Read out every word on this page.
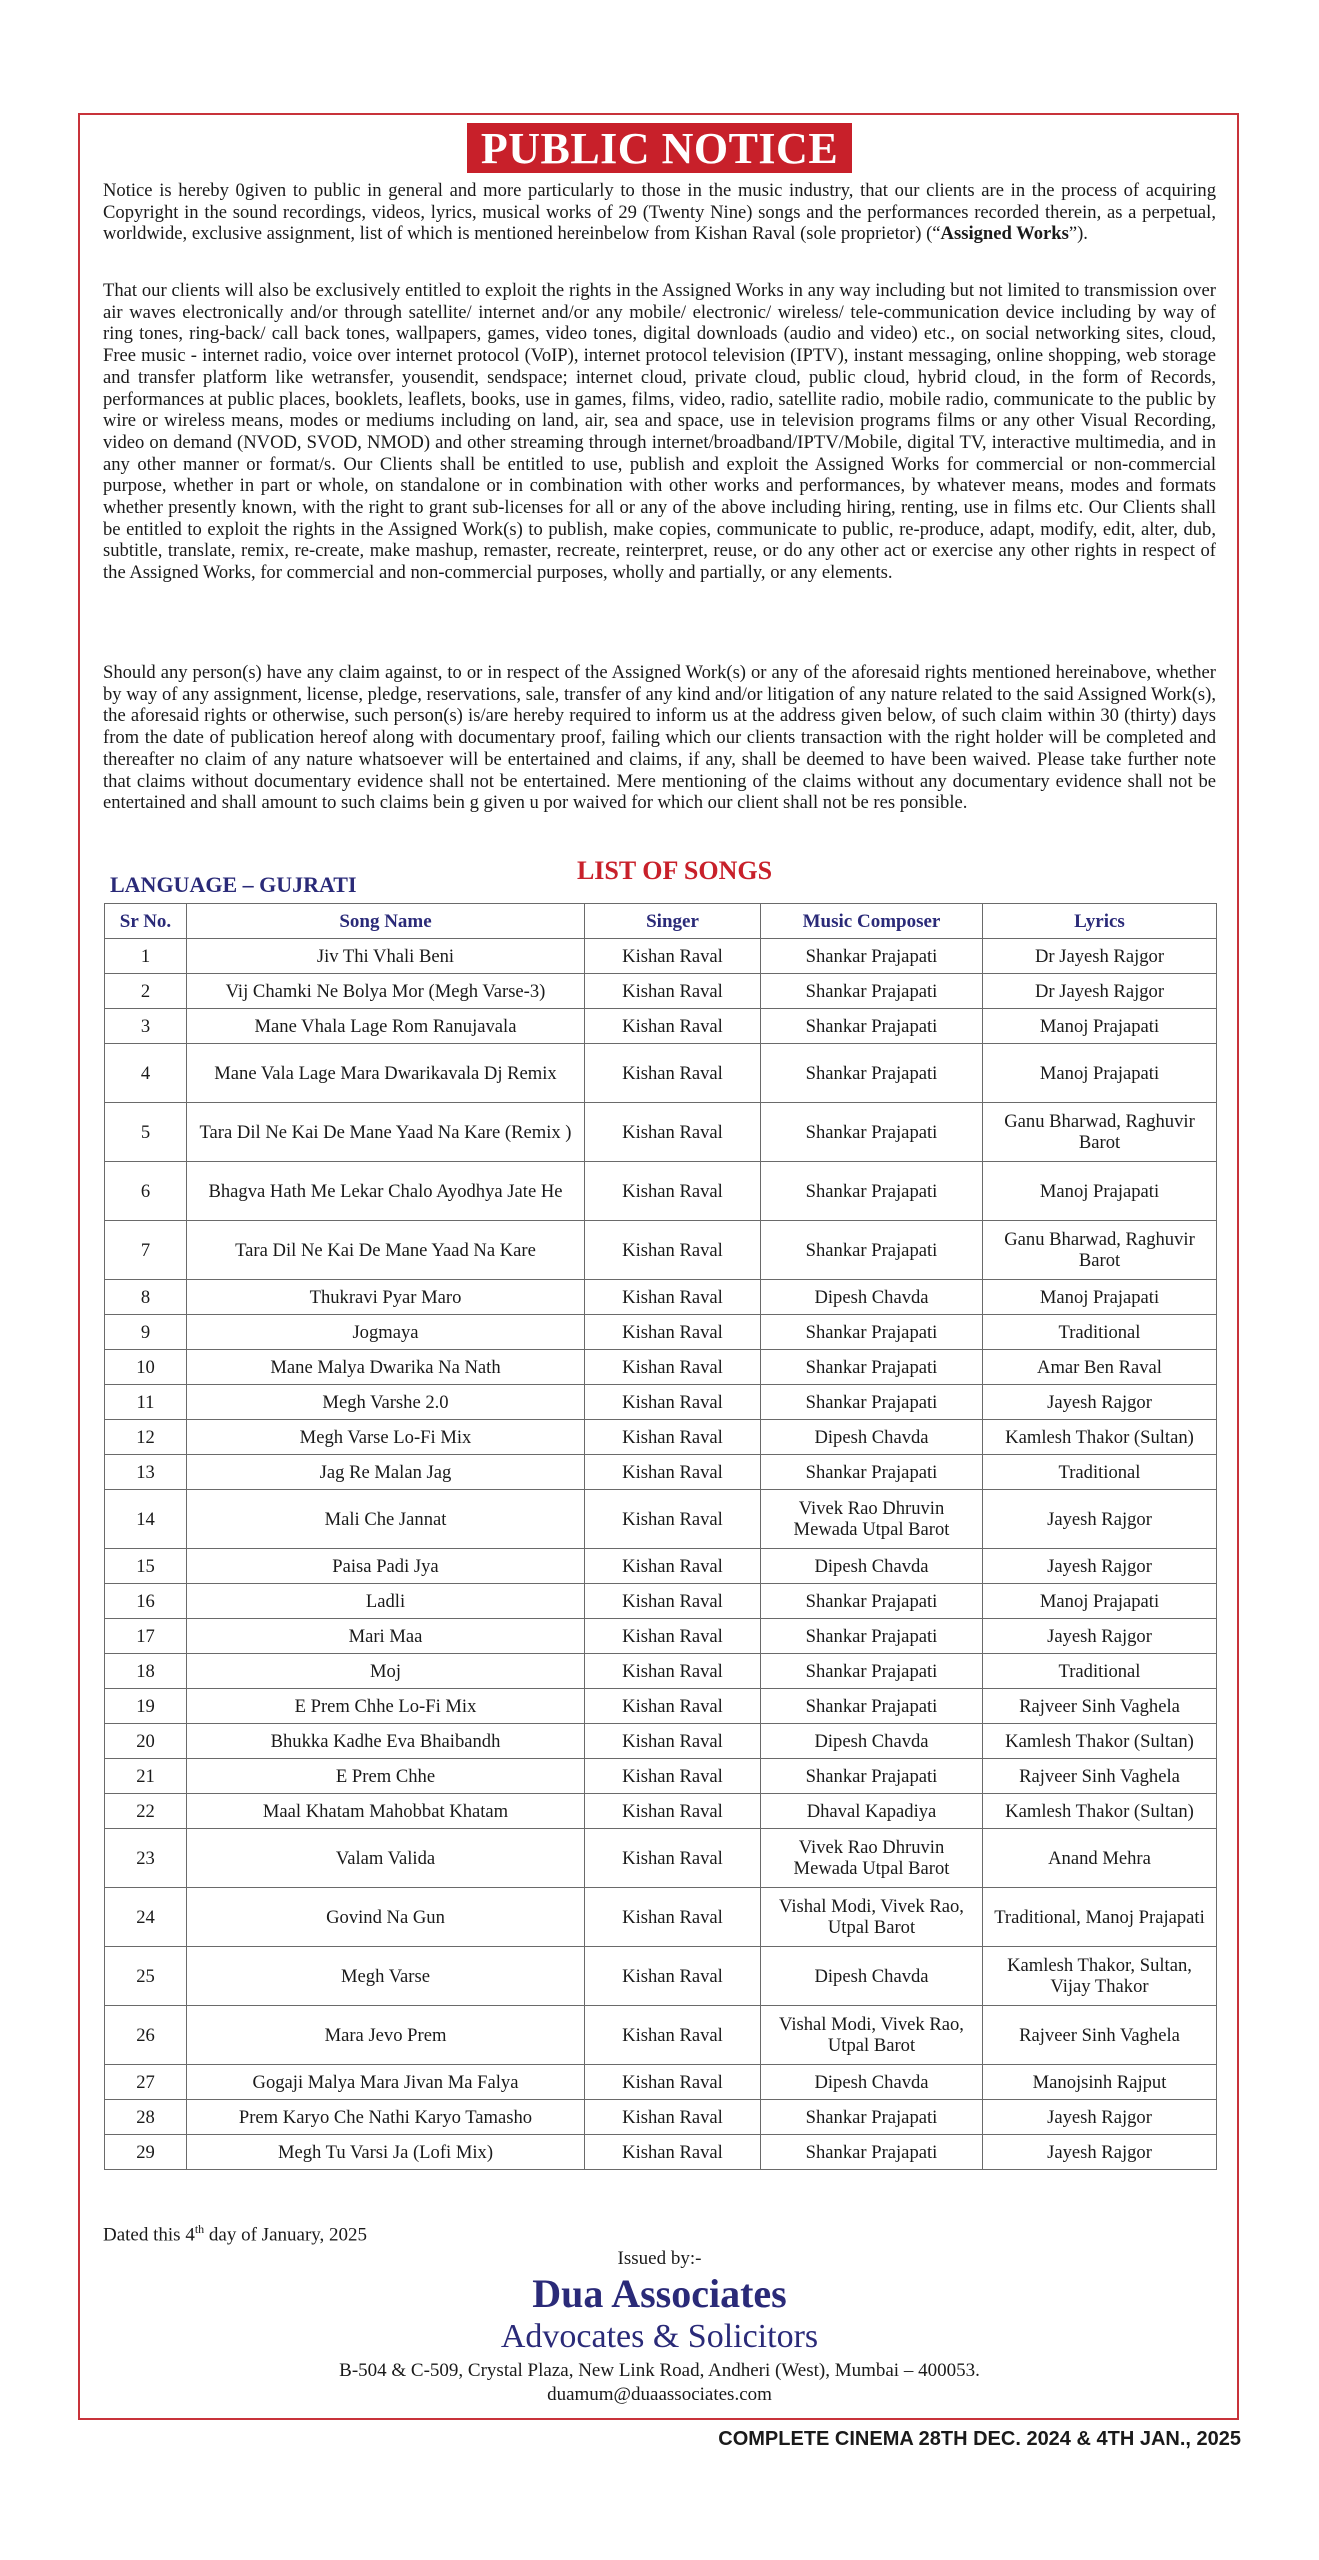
PUBLIC NOTICE

Notice is hereby 0given to public in general and more particularly to those in the music industry, that our clients are in the process of acquiring Copyright in the sound recordings, videos, lyrics, musical works of 29 (Twenty Nine) songs and the performances recorded therein, as a perpetual, worldwide, exclusive assignment, list of which is mentioned hereinbelow from Kishan Raval (sole proprietor) (“Assigned Works”).

That our clients will also be exclusively entitled to exploit the rights in the Assigned Works in any way including but not limited to transmission over air waves electronically and/or through satellite/ internet and/or any mobile/ electronic/ wireless/ tele-communication device including by way of ring tones, ring-back/ call back tones, wallpapers, games, video tones, digital downloads (audio and video) etc., on social networking sites, cloud, Free music - internet radio, voice over internet protocol (VoIP), internet protocol television (IPTV), instant messaging, online shopping, web storage and transfer platform like wetransfer, yousendit, sendspace; internet cloud, private cloud, public cloud, hybrid cloud, in the form of Records, performances at public places, booklets, leaflets, books, use in games, films, video, radio, satellite radio, mobile radio, communicate to the public by wire or wireless means, modes or mediums including on land, air, sea and space, use in television programs films or any other Visual Recording, video on demand (NVOD, SVOD, NMOD) and other streaming through internet/broadband/IPTV/Mobile, digital TV, interactive multimedia, and in any other manner or format/s. Our Clients shall be entitled to use, publish and exploit the Assigned Works for commercial or non-commercial purpose, whether in part or whole, on standalone or in combination with other works and performances, by whatever means, modes and formats whether presently known, with the right to grant sub-licenses for all or any of the above including hiring, renting, use in films etc. Our Clients shall be entitled to exploit the rights in the Assigned Work(s) to publish, make copies, communicate to public, re-produce, adapt, modify, edit, alter, dub, subtitle, translate, remix, re-create, make mashup, remaster, recreate, reinterpret, reuse, or do any other act or exercise any other rights in respect of the Assigned Works, for commercial and non-commercial purposes, wholly and partially, or any elements.

Should any person(s) have any claim against, to or in respect of the Assigned Work(s) or any of the aforesaid rights mentioned hereinabove, whether by way of any assignment, license, pledge, reservations, sale, transfer of any kind and/or litigation of any nature related to the said Assigned Work(s), the aforesaid rights or otherwise, such person(s) is/are hereby required to inform us at the address given below, of such claim within 30 (thirty) days from the date of publication hereof along with documentary proof, failing which our clients transaction with the right holder will be completed and thereafter no claim of any nature whatsoever will be entertained and claims, if any, shall be deemed to have been waived. Please take further note that claims without documentary evidence shall not be entertained. Mere mentioning of the claims without any documentary evidence shall not be entertained and shall amount to such claims bein g given u por waived for which our client shall not be res ponsible.

LANGUAGE – GUJRATI	LIST OF SONGS
Sr No.	Song Name	Singer	Music Composer	Lyrics
1	Jiv Thi Vhali Beni	Kishan Raval	Shankar Prajapati	Dr Jayesh Rajgor
2	Vij Chamki Ne Bolya Mor (Megh Varse-3)	Kishan Raval	Shankar Prajapati	Dr Jayesh Rajgor
3	Mane Vhala Lage Rom Ranujavala	Kishan Raval	Shankar Prajapati	Manoj Prajapati
4	Mane Vala Lage Mara Dwarikavala Dj Remix	Kishan Raval	Shankar Prajapati	Manoj Prajapati
5	Tara Dil Ne Kai De Mane Yaad Na Kare (Remix )	Kishan Raval	Shankar Prajapati	Ganu Bharwad, Raghuvir Barot
6	Bhagva Hath Me Lekar Chalo Ayodhya Jate He	Kishan Raval	Shankar Prajapati	Manoj Prajapati
7	Tara Dil Ne Kai De Mane Yaad Na Kare	Kishan Raval	Shankar Prajapati	Ganu Bharwad, Raghuvir Barot
8	Thukravi Pyar Maro	Kishan Raval	Dipesh Chavda	Manoj Prajapati
9	Jogmaya	Kishan Raval	Shankar Prajapati	Traditional
10	Mane Malya Dwarika Na Nath	Kishan Raval	Shankar Prajapati	Amar Ben Raval
11	Megh Varshe 2.0	Kishan Raval	Shankar Prajapati	Jayesh Rajgor
12	Megh Varse Lo-Fi Mix	Kishan Raval	Dipesh Chavda	Kamlesh Thakor (Sultan)
13	Jag Re Malan Jag	Kishan Raval	Shankar Prajapati	Traditional
14	Mali Che Jannat	Kishan Raval	Vivek Rao Dhruvin Mewada Utpal Barot	Jayesh Rajgor
15	Paisa Padi Jya	Kishan Raval	Dipesh Chavda	Jayesh Rajgor
16	Ladli	Kishan Raval	Shankar Prajapati	Manoj Prajapati
17	Mari Maa	Kishan Raval	Shankar Prajapati	Jayesh Rajgor
18	Moj	Kishan Raval	Shankar Prajapati	Traditional
19	E Prem Chhe Lo-Fi Mix	Kishan Raval	Shankar Prajapati	Rajveer Sinh Vaghela
20	Bhukka Kadhe Eva Bhaibandh	Kishan Raval	Dipesh Chavda	Kamlesh Thakor (Sultan)
21	E Prem Chhe	Kishan Raval	Shankar Prajapati	Rajveer Sinh Vaghela
22	Maal Khatam Mahobbat Khatam	Kishan Raval	Dhaval Kapadiya	Kamlesh Thakor (Sultan)
23	Valam Valida	Kishan Raval	Vivek Rao Dhruvin Mewada Utpal Barot	Anand Mehra
24	Govind Na Gun	Kishan Raval	Vishal Modi, Vivek Rao, Utpal Barot	Traditional, Manoj Prajapati
25	Megh Varse	Kishan Raval	Dipesh Chavda	Kamlesh Thakor, Sultan, Vijay Thakor
26	Mara Jevo Prem	Kishan Raval	Vishal Modi, Vivek Rao, Utpal Barot	Rajveer Sinh Vaghela
27	Gogaji Malya Mara Jivan Ma Falya	Kishan Raval	Dipesh Chavda	Manojsinh Rajput
28	Prem Karyo Che Nathi Karyo Tamasho	Kishan Raval	Shankar Prajapati	Jayesh Rajgor
29	Megh Tu Varsi Ja (Lofi Mix)	Kishan Raval	Shankar Prajapati	Jayesh Rajgor
Dated this 4th day of January, 2025
Issued by:-
Dua Associates
Advocates & Solicitors
B-504 & C-509, Crystal Plaza, New Link Road, Andheri (West), Mumbai – 400053.
duamum@duaassociates.com
COMPLETE CINEMA 28TH DEC. 2024 & 4TH JAN., 2025
